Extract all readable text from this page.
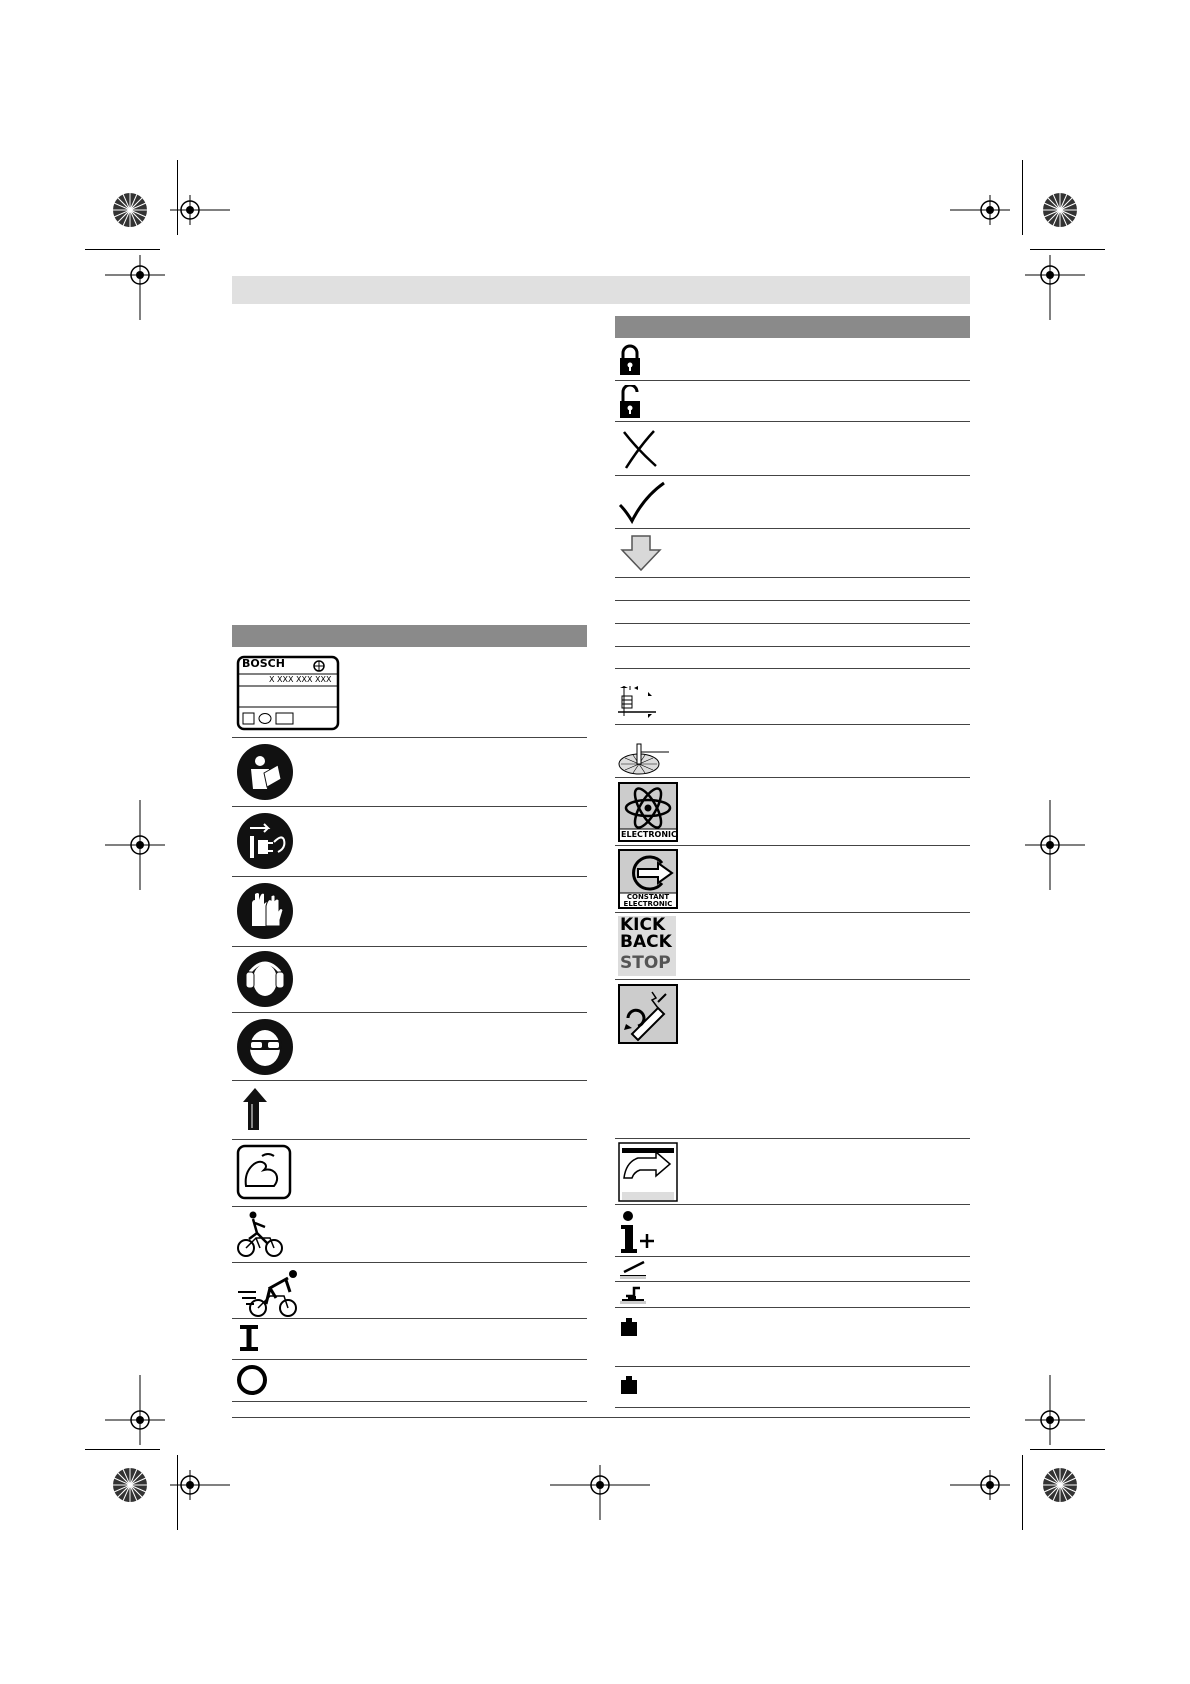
BOSCH
X XXX XXX XXX
ELECTRONIC
CONSTANT
ELECTRONIC
KICK
BACK
STOP
